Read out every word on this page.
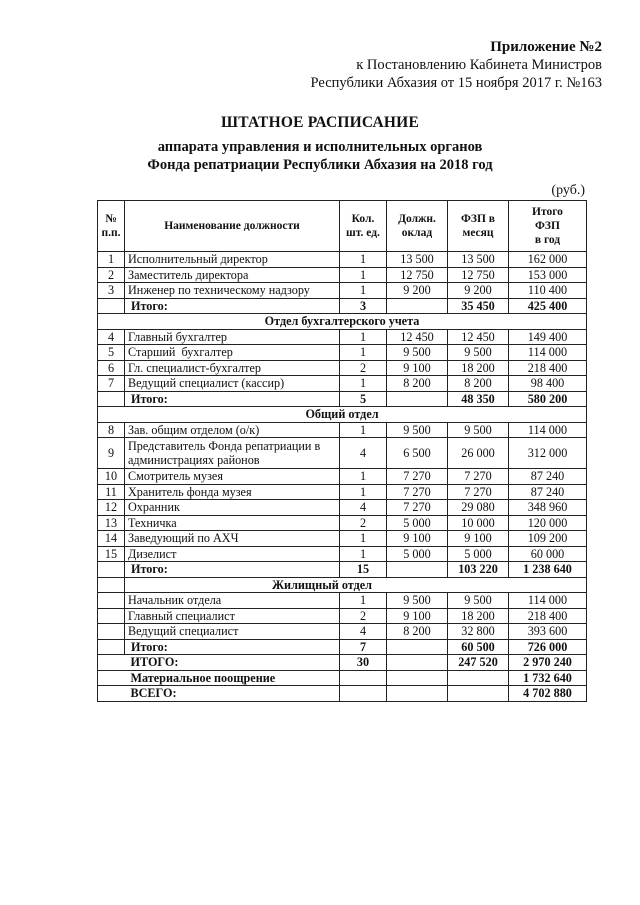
Приложение №2
к Постановлению Кабинета Министров
Республики Абхазия от 15 ноября 2017 г. №163
ШТАТНОЕ РАСПИСАНИЕ
аппарата управления и исполнительных органов
Фонда репатриации Республики Абхазия на 2018 год
(руб.)
№ п.п.	Наименование должности	Кол. шт. ед.	Должн. оклад	ФЗП в месяц	Итого
ФЗП
в год

1	Исполнительный директор	1	13 500	13 500	162 000
2	Заместитель директора	1	12 750	12 750	153 000
3	Инженер по техническому надзору	1	9 200	9 200	110 400
	Итого:	3		35 450	425 400
Отдел бухгалтерского учета					
4	Главный бухгалтер	1	12 450	12 450	149 400
5	Старший  бухгалтер	1	9 500	9 500	114 000
6	Гл. специалист-бухгалтер	2	9 100	18 200	218 400
7	Ведущий специалист (кассир)	1	8 200	8 200	98 400
	Итого:	5		48 350	580 200
Общий отдел					
8	Зав. общим отделом (о/к)	1	9 500	9 500	114 000
9	Представитель Фонда репатриации в администрациях районов	4	6 500	26 000	312 000
10	Смотритель музея	1	7 270	7 270	87 240
11	Хранитель фонда музея	1	7 270	7 270	87 240
12	Охранник	4	7 270	29 080	348 960
13	Техничка	2	5 000	10 000	120 000
14	Заведующий по АХЧ	1	9 100	9 100	109 200
15	Дизелист	1	5 000	5 000	60 000
	Итого:	15		103 220	1 238 640
	Жилищный отдел				
	Начальник отдела	1	9 500	9 500	114 000
	Главный специалист	2	9 100	18 200	218 400
	Ведущий специалист	4	8 200	32 800	393 600
	Итого:	7		60 500	726 000
	ИТОГО:	30		247 520	2 970 240
	Материальное поощрение				1 732 640
	ВСЕГО:				4 702 880
